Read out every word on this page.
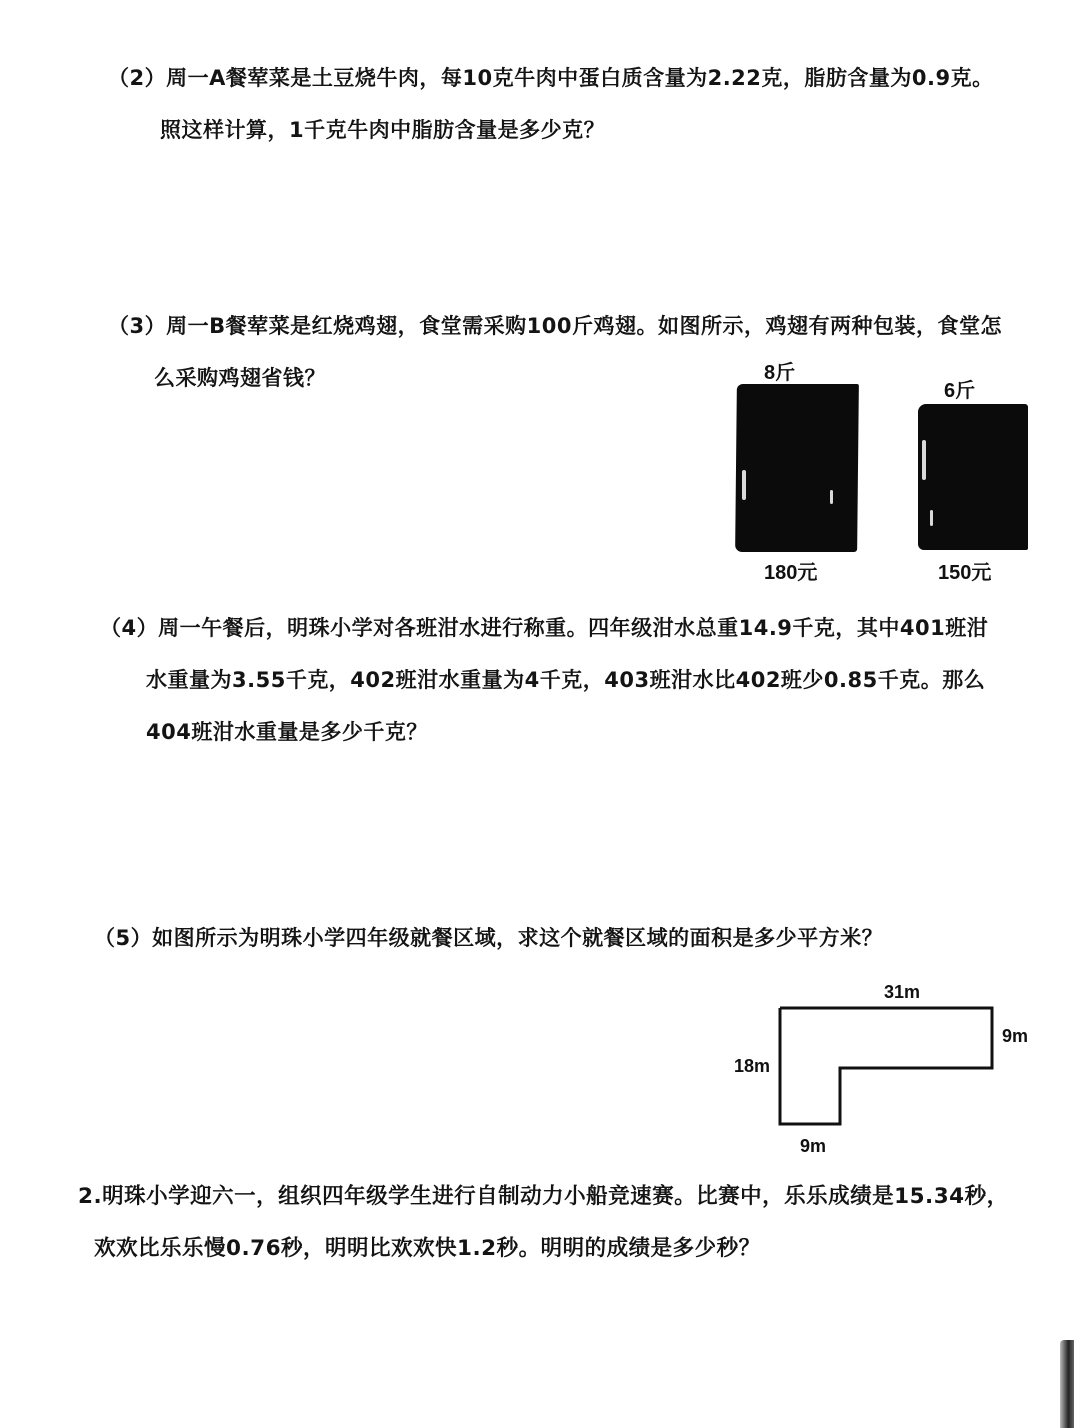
（2）周一A餐荤菜是土豆烧牛肉，每10克牛肉中蛋白质含量为2.22克，脂肪含量为0.9克。
照这样计算，1千克牛肉中脂肪含量是多少克？
（3）周一B餐荤菜是红烧鸡翅，食堂需采购100斤鸡翅。如图所示，鸡翅有两种包装，食堂怎
么采购鸡翅省钱？	8斤
180元
6斤
150元
（4）周一午餐后，明珠小学对各班泔水进行称重。四年级泔水总重14.9千克，其中401班泔
水重量为3.55千克，402班泔水重量为4千克，403班泔水比402班少0.85千克。那么
404班泔水重量是多少千克？
（5）如图所示为明珠小学四年级就餐区域，求这个就餐区域的面积是多少平方米？
31m
9m
18m
9m
2.明珠小学迎六一，组织四年级学生进行自制动力小船竞速赛。比赛中，乐乐成绩是15.34秒，
欢欢比乐乐慢0.76秒，明明比欢欢快1.2秒。明明的成绩是多少秒？
